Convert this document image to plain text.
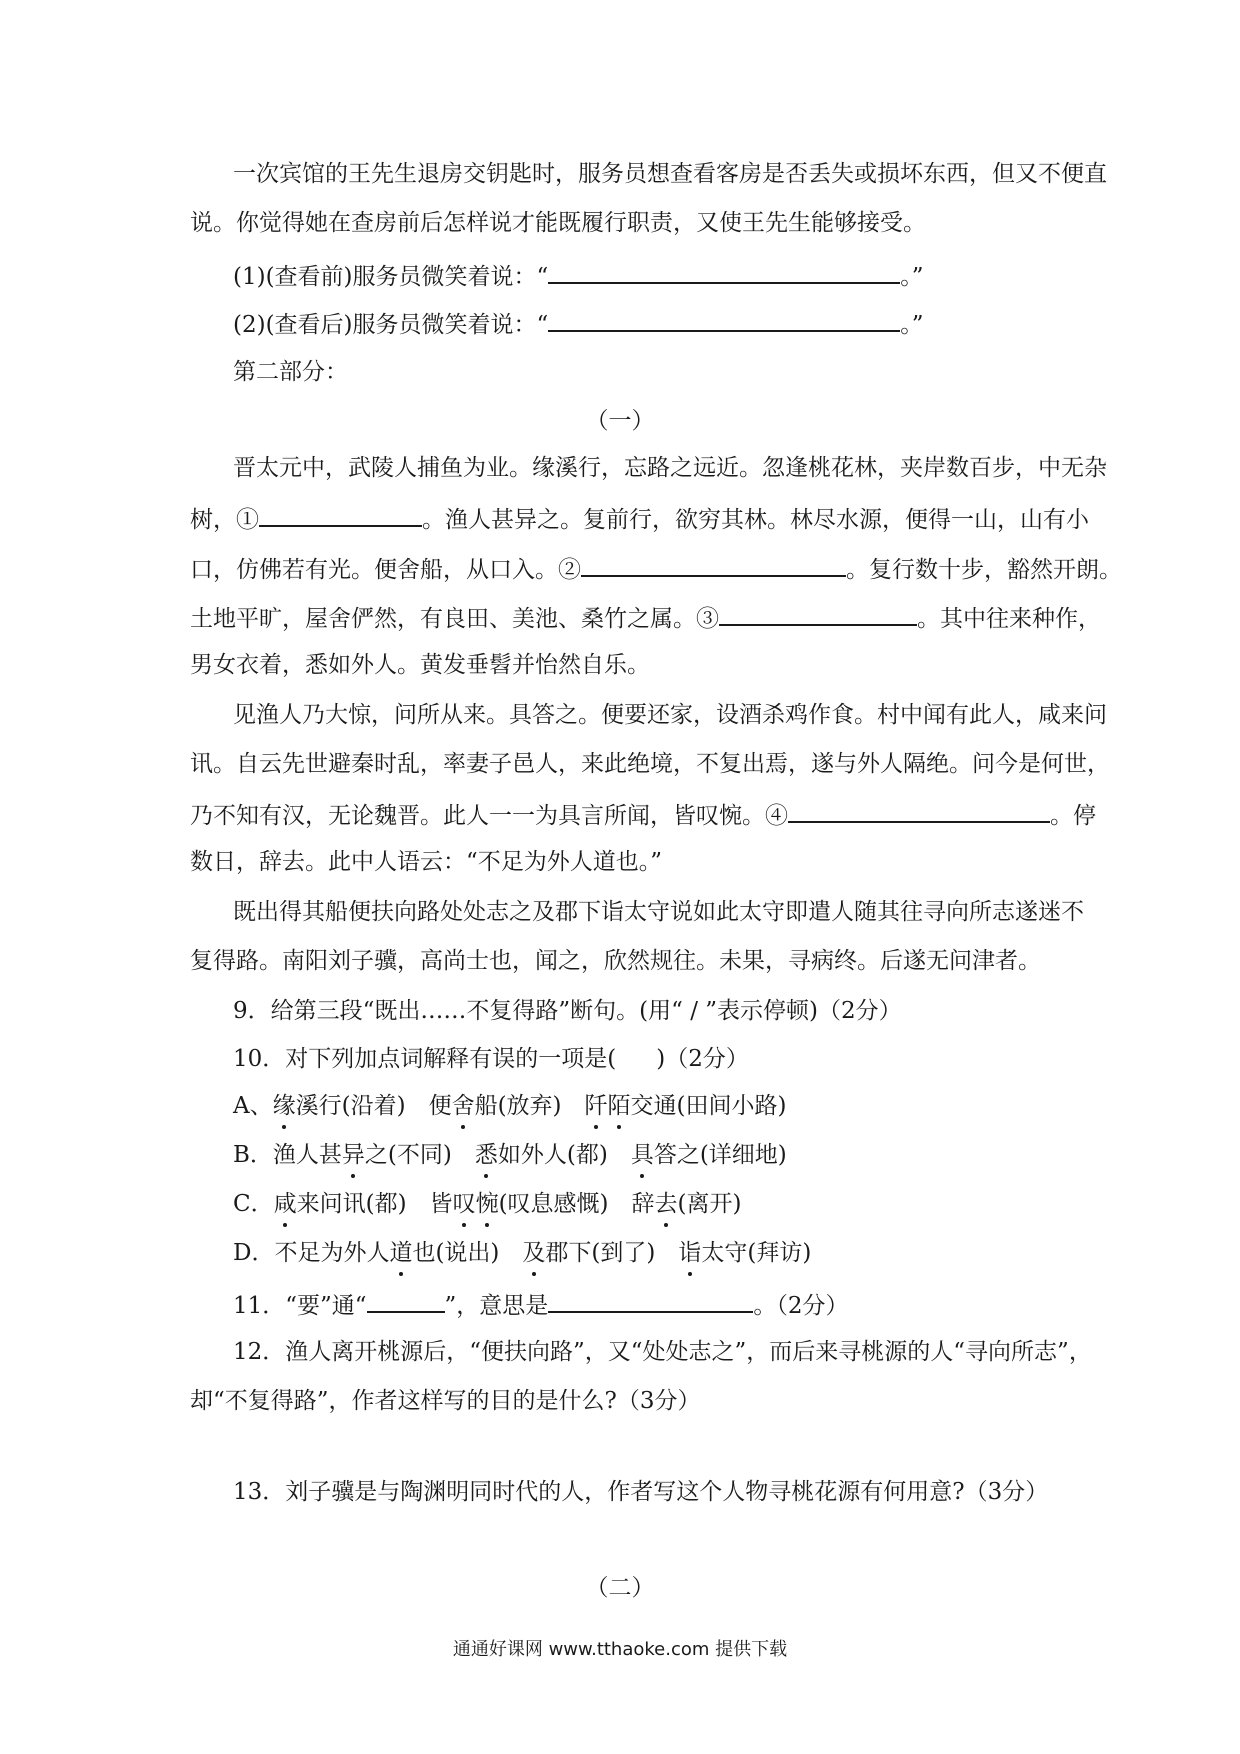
一次宾馆的王先生退房交钥匙时，服务员想查看客房是否丢失或损坏东西，但又不便直
说。你觉得她在查房前后怎样说才能既履行职责，又使王先生能够接受。
(1)(查看前)服务员微笑着说：“	。”
(2)(查看后)服务员微笑着说：“	。”
第二部分：
（一）
晋太元中，武陵人捕鱼为业。缘溪行，忘路之远近。忽逢桃花林，夹岸数百步，中无杂
树，①	。渔人甚异之。复前行，欲穷其林。林尽水源，便得一山，山有小
口，仿佛若有光。便舍船，从口入。②	。复行数十步，豁然开朗。
土地平旷，屋舍俨然，有良田、美池、桑竹之属。③	。其中往来种作，
男女衣着，悉如外人。黄发垂髫并怡然自乐。
见渔人乃大惊，问所从来。具答之。便要还家，设酒杀鸡作食。村中闻有此人，咸来问
讯。自云先世避秦时乱，率妻子邑人，来此绝境，不复出焉，遂与外人隔绝。问今是何世，
乃不知有汉，无论魏晋。此人一一为具言所闻，皆叹惋。④	。停
数日，辞去。此中人语云：“不足为外人道也。”
既出得其船便扶向路处处志之及郡下诣太守说如此太守即遣人随其往寻向所志遂迷不
复得路。南阳刘子骥，高尚士也，闻之，欣然规往。未果，寻病终。后遂无问津者。
9．给第三段“既出……不复得路”断句。(用“ / ”表示停顿)（2分）
10．对下列加点词解释有误的一项是( )（2分）
A、缘溪行(沿着)　便舍船(放弃)　阡陌交通(田间小路)
B．渔人甚异之(不同)　悉如外人(都)　具答之(详细地)
C．咸来问讯(都)　皆叹惋(叹息感慨)　辞去(离开)
D．不足为外人道也(说出)　及郡下(到了)　诣太守(拜访)
11．“要”通“	”，意思是	。（2分）
12．渔人离开桃源后，“便扶向路”，又“处处志之”，而后来寻桃源的人“寻向所志”，
却“不复得路”，作者这样写的目的是什么?（3分）
13．刘子骥是与陶渊明同时代的人，作者写这个人物寻桃花源有何用意?（3分）
（二）
通通好课网 www.tthaoke.com 提供下载
